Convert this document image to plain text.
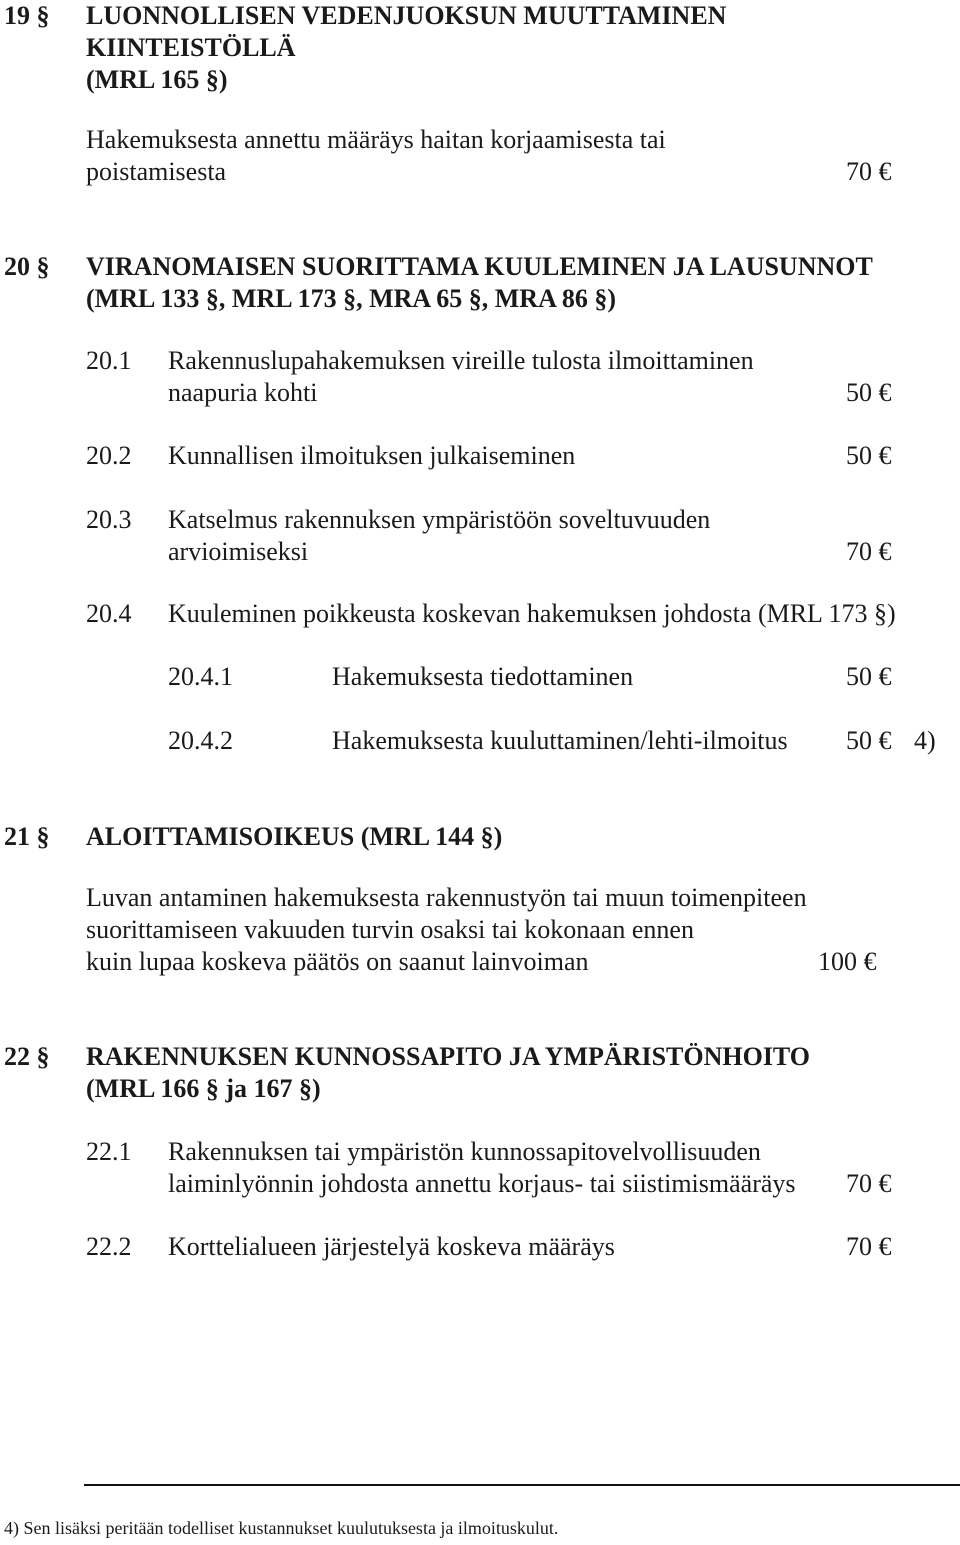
19 § LUONNOLLISEN VEDENJUOKSUN MUUTTAMINEN
KIINTEISTÖLLÄ
(MRL 165 §)
Hakemuksesta annettu määräys haitan korjaamisesta tai
poistamisesta	70 €
20 § VIRANOMAISEN SUORITTAMA KUULEMINEN JA LAUSUNNOT
(MRL 133 §, MRL 173 §, MRA 65 §, MRA 86 §)
20.1 Rakennuslupahakemuksen vireille tulosta ilmoittaminen
naapuria kohti	50 €
20.2 Kunnallisen ilmoituksen julkaiseminen	50 €
20.3 Katselmus rakennuksen ympäristöön soveltuvuuden
arvioimiseksi	70 €
20.4 Kuuleminen poikkeusta koskevan hakemuksen johdosta (MRL 173 §)
20.4.1	Hakemuksesta tiedottaminen	50 €
20.4.2	Hakemuksesta kuuluttaminen/lehti-ilmoitus 50 € 4)
21 § ALOITTAMISOIKEUS (MRL 144 §)
Luvan antaminen hakemuksesta rakennustyön tai muun toimenpiteen
suorittamiseen vakuuden turvin osaksi tai kokonaan ennen
kuin lupaa koskeva päätös on saanut lainvoiman	100 €
22 § RAKENNUKSEN KUNNOSSAPITO JA YMPÄRISTÖNHOITO
(MRL 166 § ja 167 §)
22.1 Rakennuksen tai ympäristön kunnossapitovelvollisuuden
laiminlyönnin johdosta annettu korjaus- tai siistimismääräys 70 €
22.2 Korttelialueen järjestelyä koskeva määräys	70 €
4) Sen lisäksi peritään todelliset kustannukset kuulutuksesta ja ilmoituskulut.
